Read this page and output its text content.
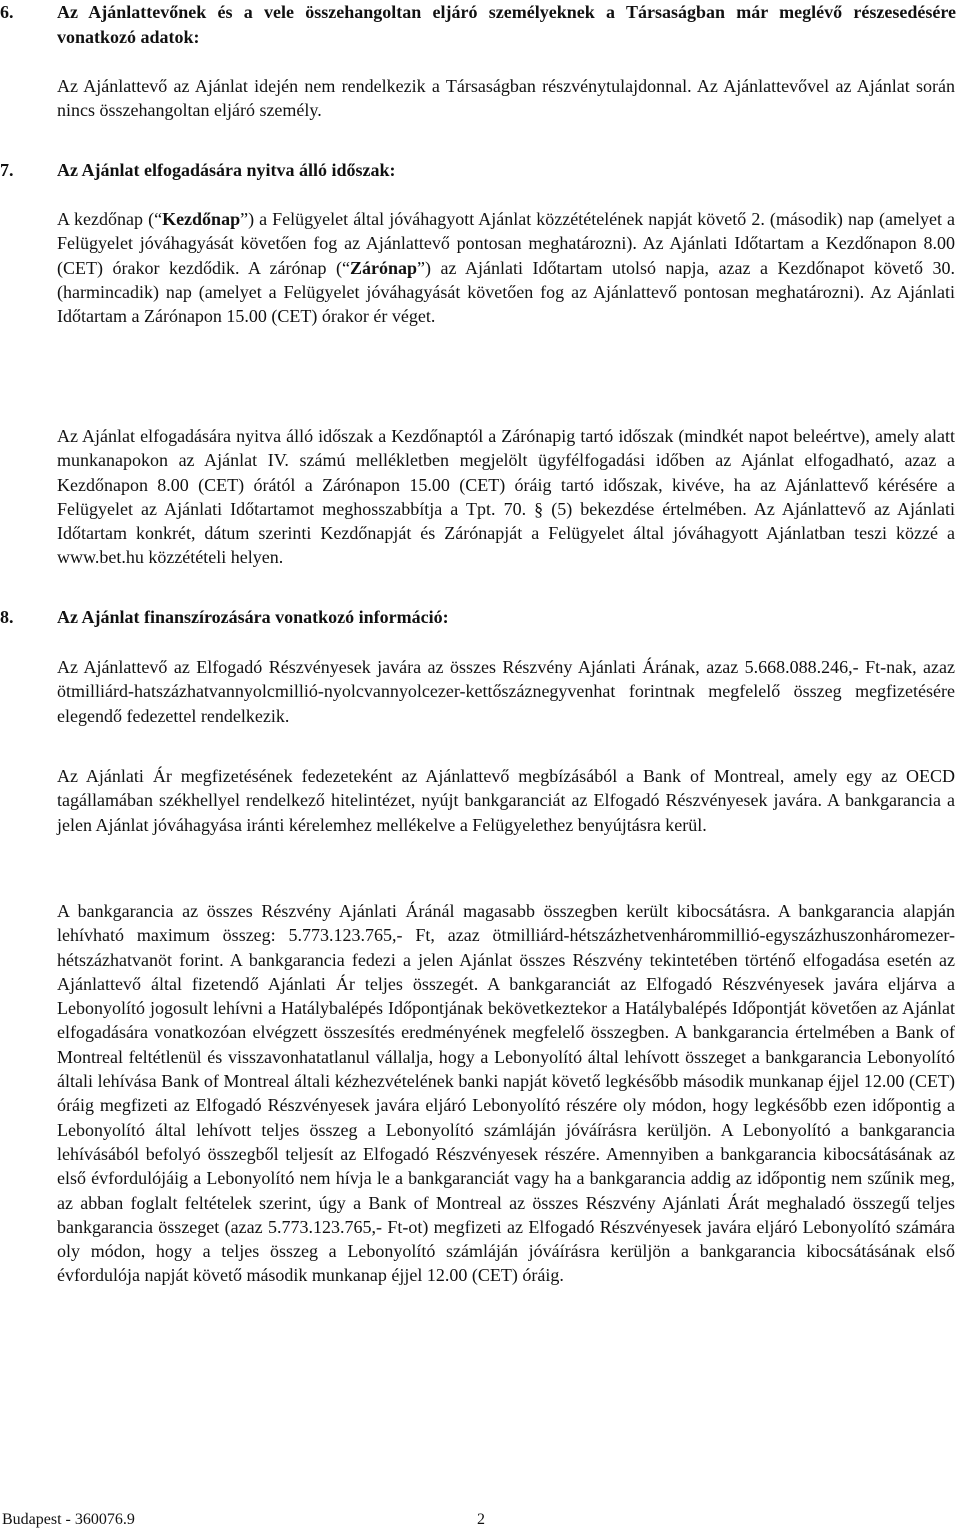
6.	Az Ajánlattevőnek és a vele összehangoltan eljáró személyeknek a Társaságban már meglévő részesedésére vonatkozó adatok:
Az Ajánlattevő az Ajánlat idején nem rendelkezik a Társaságban részvénytulajdonnal. Az Ajánlattevővel az Ajánlat során nincs összehangoltan eljáró személy.
7.	Az Ajánlat elfogadására nyitva álló időszak:
A kezdőnap (“Kezdőnap”) a Felügyelet által jóváhagyott Ajánlat közzétételének napját követő 2. (második) nap (amelyet a Felügyelet jóváhagyását követően fog az Ajánlattevő pontosan meghatározni). Az Ajánlati Időtartam a Kezdőnapon 8.00 (CET) órakor kezdődik. A zárónap (“Zárónap”) az Ajánlati Időtartam utolsó napja, azaz a Kezdőnapot követő 30. (harmincadik) nap (amelyet a Felügyelet jóváhagyását követően fog az Ajánlattevő pontosan meghatározni). Az Ajánlati Időtartam a Zárónapon 15.00 (CET) órakor ér véget.
Az Ajánlat elfogadására nyitva álló időszak a Kezdőnaptól a Zárónapig tartó időszak (mindkét napot beleértve), amely alatt munkanapokon az Ajánlat IV. számú mellékletben megjelölt ügyfélfogadási időben az Ajánlat elfogadható, azaz a Kezdőnapon 8.00 (CET) órától a Zárónapon 15.00 (CET) óráig tartó időszak, kivéve, ha az Ajánlattevő kérésére a Felügyelet az Ajánlati Időtartamot meghosszabbítja a Tpt. 70. § (5) bekezdése értelmében. Az Ajánlattevő az Ajánlati Időtartam konkrét, dátum szerinti Kezdőnapját és Zárónapját a Felügyelet által jóváhagyott Ajánlatban teszi közzé a www.bet.hu közzétételi helyen.
8.	Az Ajánlat finanszírozására vonatkozó információ:
Az Ajánlattevő az Elfogadó Részvényesek javára az összes Részvény Ajánlati Árának, azaz 5.668.088.246,- Ft-nak, azaz ötmilliárd-hatszázhatvannyolcmillió-nyolcvannyolcezer-kettőszáznegyvenhat forintnak megfelelő összeg megfizetésére elegendő fedezettel rendelkezik.
Az Ajánlati Ár megfizetésének fedezeteként az Ajánlattevő megbízásából a Bank of Montreal, amely egy az OECD tagállamában székhellyel rendelkező hitelintézet, nyújt bankgaranciát az Elfogadó Részvényesek javára. A bankgarancia a jelen Ajánlat jóváhagyása iránti kérelemhez mellékelve a Felügyelethez benyújtásra kerül.
A bankgarancia az összes Részvény Ajánlati Áránál magasabb összegben került kibocsátásra. A bankgarancia alapján lehívható maximum összeg: 5.773.123.765,- Ft, azaz ötmilliárd-hétszázhetvenhárommillió-egyszázhuszonháromezer-hétszázhatvanöt forint. A bankgarancia fedezi a jelen Ajánlat összes Részvény tekintetében történő elfogadása esetén az Ajánlattevő által fizetendő Ajánlati Ár teljes összegét. A bankgaranciát az Elfogadó Részvényesek javára eljárva a Lebonyolító jogosult lehívni a Hatálybalépés Időpontjának bekövetkeztekor a Hatálybalépés Időpontját követően az Ajánlat elfogadására vonatkozóan elvégzett összesítés eredményének megfelelő összegben. A bankgarancia értelmében a Bank of Montreal feltétlenül és visszavonhatatlanul vállalja, hogy a Lebonyolító által lehívott összeget a bankgarancia Lebonyolító általi lehívása Bank of Montreal általi kézhezvételének banki napját követő legkésőbb második munkanap éjjel 12.00 (CET) óráig megfizeti az Elfogadó Részvényesek javára eljáró Lebonyolító részére oly módon, hogy legkésőbb ezen időpontig a Lebonyolító által lehívott teljes összeg a Lebonyolító számláján jóváírásra kerüljön. A Lebonyolító a bankgarancia lehívásából befolyó összegből teljesít az Elfogadó Részvényesek részére. Amennyiben a bankgarancia kibocsátásának az első évfordulójáig a Lebonyolító nem hívja le a bankgaranciát vagy ha a bankgarancia addig az időpontig nem szűnik meg, az abban foglalt feltételek szerint, úgy a Bank of Montreal az összes Részvény Ajánlati Árát meghaladó összegű teljes bankgarancia összeget (azaz 5.773.123.765,- Ft-ot) megfizeti az Elfogadó Részvényesek javára eljáró Lebonyolító számára oly módon, hogy a teljes összeg a Lebonyolító számláján jóváírásra kerüljön a bankgarancia kibocsátásának első évfordulója napját követő második munkanap éjjel 12.00 (CET) óráig.
Budapest - 360076.9	2
